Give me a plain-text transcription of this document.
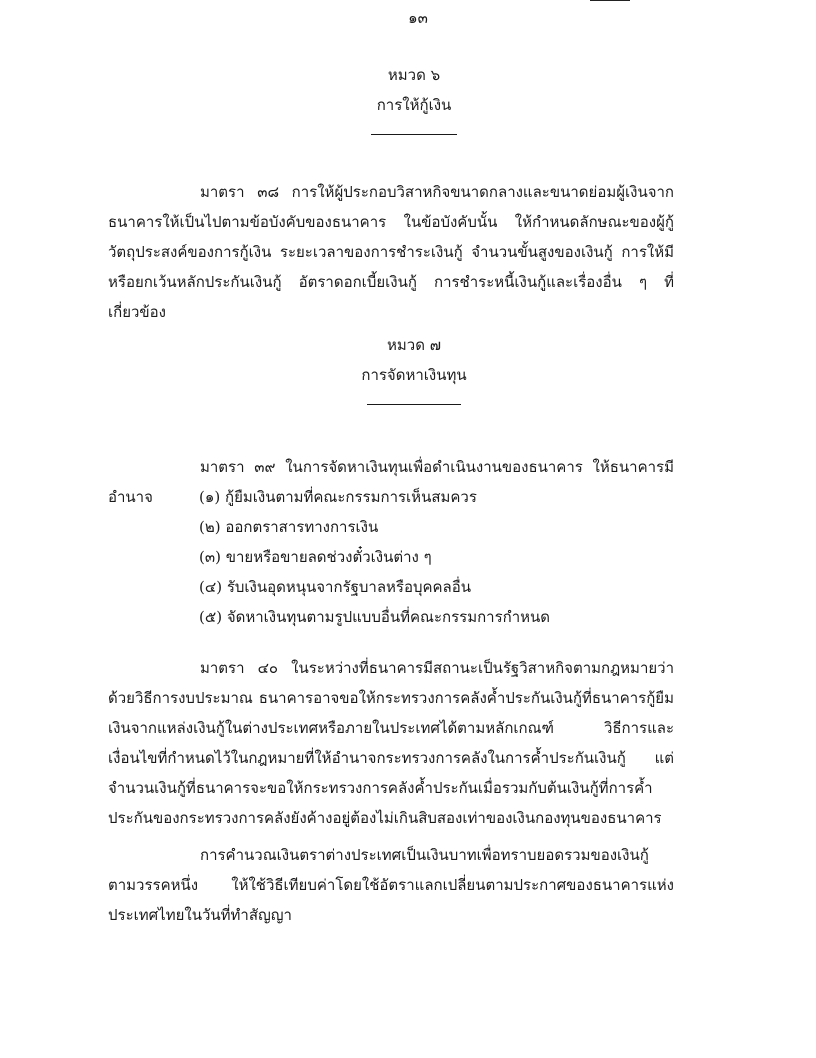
๑๓
หมวด ๖
การให้กู้เงิน

มาตรา ๓๘ การให้ผู้ประกอบวิสาหกิจขนาดกลางและขนาดย่อมผู้เงินจากธนาคารให้เป็นไปตามข้อบังคับของธนาคาร ในข้อบังคับนั้น ให้กำหนดลักษณะของผู้กู้ วัตถุประสงค์ของการกู้เงิน ระยะเวลาของการชำระเงินกู้ จำนวนขั้นสูงของเงินกู้ การให้มีหรือยกเว้นหลักประกันเงินกู้ อัตราดอกเบี้ยเงินกู้ การชำระหนี้เงินกู้และเรื่องอื่น ๆ ที่เกี่ยวข้อง

หมวด ๗
การจัดหาเงินทุน

มาตรา ๓๙ ในการจัดหาเงินทุนเพื่อดำเนินงานของธนาคาร ให้ธนาคารมีอำนาจ	(๑) กู้ยืมเงินตามที่คณะกรรมการเห็นสมควร
(๒) ออกตราสารทางการเงิน
(๓) ขายหรือขายลดช่วงตั๋วเงินต่าง ๆ
(๔) รับเงินอุดหนุนจากรัฐบาลหรือบุคคลอื่น
(๕) จัดหาเงินทุนตามรูปแบบอื่นที่คณะกรรมการกำหนด

มาตรา ๔๐ ในระหว่างที่ธนาคารมีสถานะเป็นรัฐวิสาหกิจตามกฎหมายว่าด้วยวิธีการงบประมาณ ธนาคารอาจขอให้กระทรวงการคลังค้ำประกันเงินกู้ที่ธนาคารกู้ยืมเงินจากแหล่งเงินกู้ในต่างประเทศหรือภายในประเทศได้ตามหลักเกณฑ์ วิธีการและเงื่อนไขที่กำหนดไว้ในกฎหมายที่ให้อำนาจกระทรวงการคลังในการค้ำประกันเงินกู้ แต่จำนวนเงินกู้ที่ธนาคารจะขอให้กระทรวงการคลังค้ำประกันเมื่อรวมกับต้นเงินกู้ที่การค้ำประกันของกระทรวงการคลังยังค้างอยู่ต้องไม่เกินสิบสองเท่าของเงินกองทุนของธนาคาร

การคำนวณเงินตราต่างประเทศเป็นเงินบาทเพื่อทราบยอดรวมของเงินกู้ตามวรรคหนึ่ง ให้ใช้วิธีเทียบค่าโดยใช้อัตราแลกเปลี่ยนตามประกาศของธนาคารแห่งประเทศไทยในวันที่ทำสัญญา
